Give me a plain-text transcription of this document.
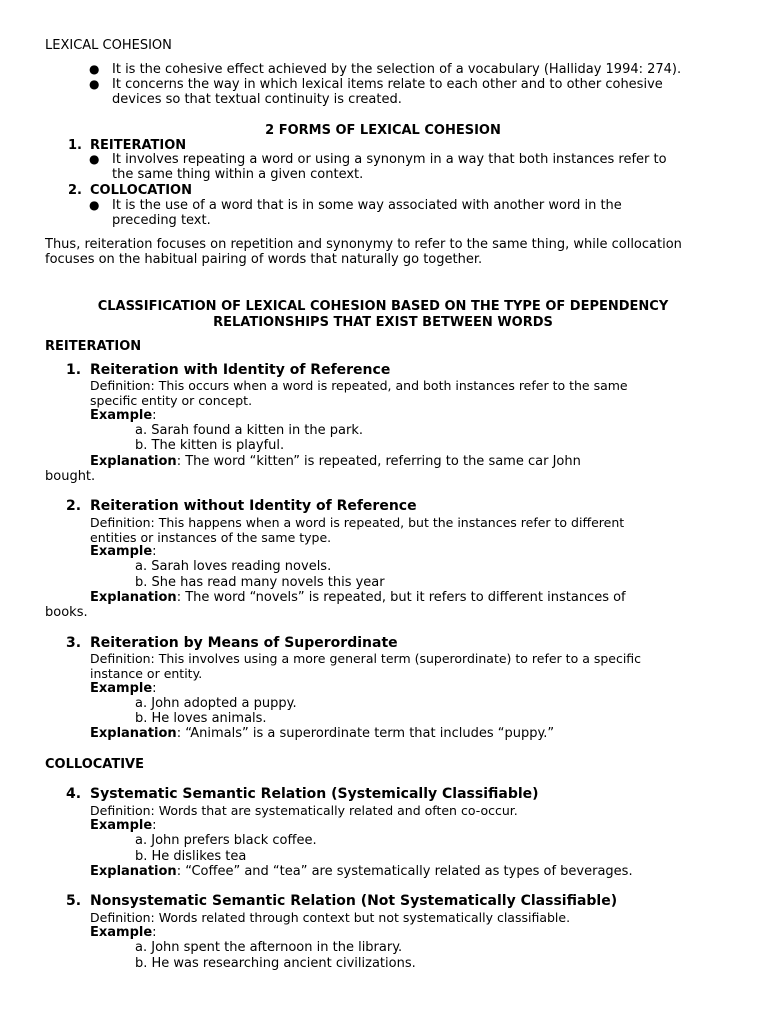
LEXICAL COHESION
● It is the cohesive effect achieved by the selection of a vocabulary (Halliday 1994: 274).
● It concerns the way in which lexical items relate to each other and to other cohesive
devices so that textual continuity is created.
2 FORMS OF LEXICAL COHESION
1. REITERATION
● It involves repeating a word or using a synonym in a way that both instances refer to
the same thing within a given context.
2. COLLOCATION
● It is the use of a word that is in some way associated with another word in the
preceding text.
Thus, reiteration focuses on repetition and synonymy to refer to the same thing, while collocation
focuses on the habitual pairing of words that naturally go together.
CLASSIFICATION OF LEXICAL COHESION BASED ON THE TYPE OF DEPENDENCY
RELATIONSHIPS THAT EXIST BETWEEN WORDS
REITERATION
1. Reiteration with Identity of Reference
Definition: This occurs when a word is repeated, and both instances refer to the same
specific entity or concept.
Example:
a. Sarah found a kitten in the park.
b. The kitten is playful.
Explanation: The word “kitten” is repeated, referring to the same car John
bought.
2. Reiteration without Identity of Reference
Definition: This happens when a word is repeated, but the instances refer to different
entities or instances of the same type.
Example:
a. Sarah loves reading novels.
b. She has read many novels this year
Explanation: The word “novels” is repeated, but it refers to different instances of
books.
3. Reiteration by Means of Superordinate
Definition: This involves using a more general term (superordinate) to refer to a specific
instance or entity.
Example:
a. John adopted a puppy.
b. He loves animals.
Explanation: “Animals” is a superordinate term that includes “puppy.”
COLLOCATIVE
4. Systematic Semantic Relation (Systemically Classifiable)
Definition: Words that are systematically related and often co-occur.
Example:
a. John prefers black coffee.
b. He dislikes tea
Explanation: “Coffee” and “tea” are systematically related as types of beverages.
5. Nonsystematic Semantic Relation (Not Systematically Classifiable)
Definition: Words related through context but not systematically classifiable.
Example:
a. John spent the afternoon in the library.
b. He was researching ancient civilizations.
